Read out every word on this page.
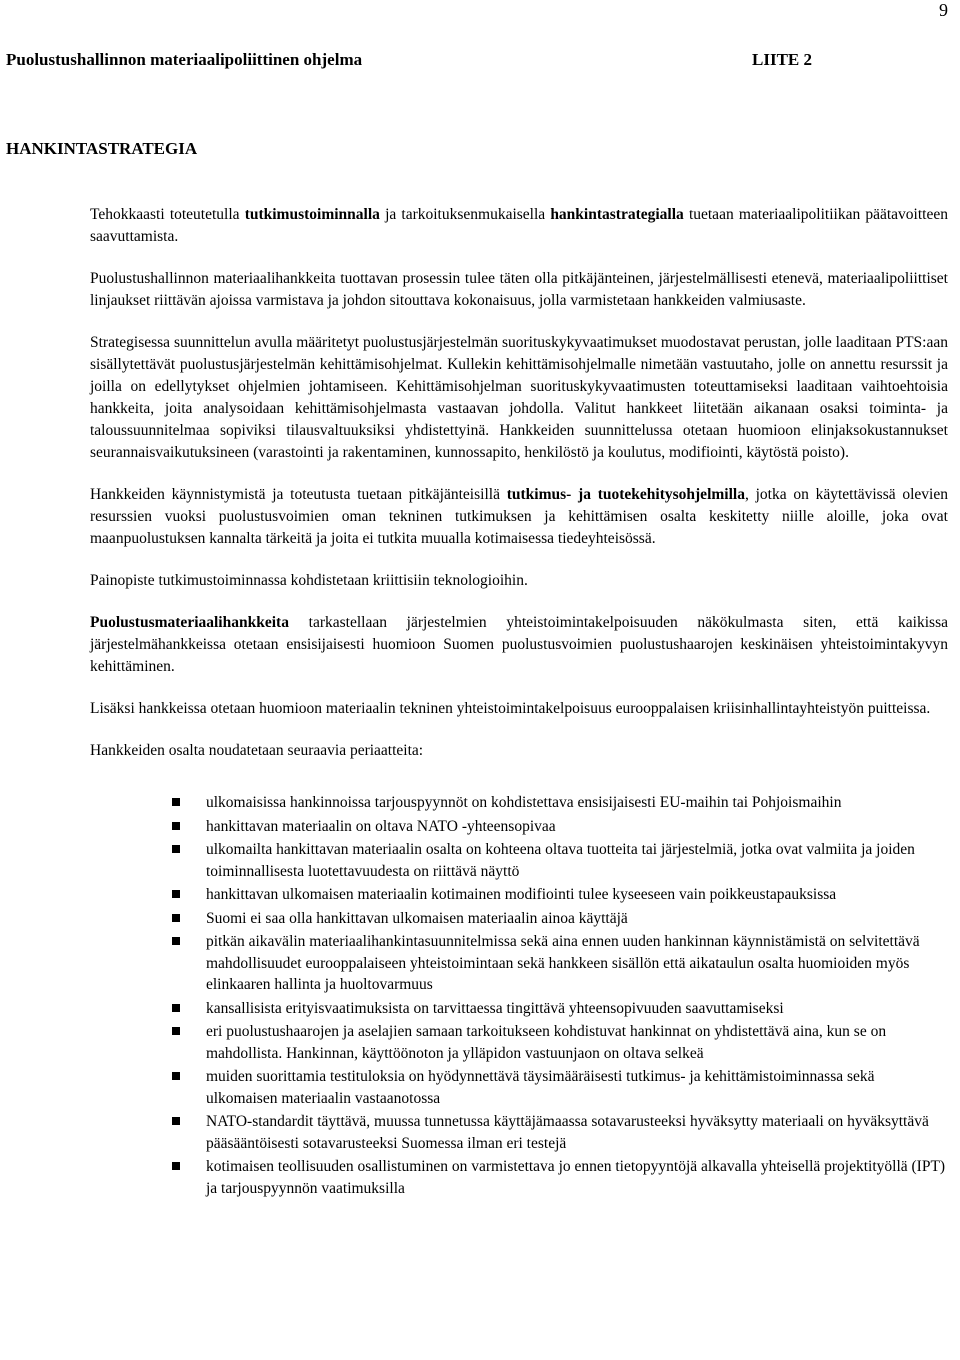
9
Puolustushallinnon materiaalipoliittinen ohjelma	LIITE 2
HANKINTASTRATEGIA

Tehokkaasti toteutetulla tutkimustoiminnalla ja tarkoituksenmukaisella hankintastrategialla tuetaan materiaalipolitiikan päätavoitteen saavuttamista.

Puolustushallinnon materiaalihankkeita tuottavan prosessin tulee täten olla pitkäjänteinen, järjestelmällisesti etenevä, materiaalipoliittiset linjaukset riittävän ajoissa varmistava ja johdon sitouttava kokonaisuus, jolla varmistetaan hankkeiden valmiusaste.

Strategisessa suunnittelun avulla määritetyt puolustusjärjestelmän suorituskykyvaatimukset muodostavat perustan, jolle laaditaan PTS:aan sisällytettävät puolustusjärjestelmän kehittämisohjelmat. Kullekin kehittämisohjelmalle nimetään vastuutaho, jolle on annettu resurssit ja joilla on edellytykset ohjelmien johtamiseen. Kehittämisohjelman suorituskykyvaatimusten toteuttamiseksi laaditaan vaihtoehtoisia hankkeita, joita analysoidaan kehittämisohjelmasta vastaavan johdolla. Valitut hankkeet liitetään aikanaan osaksi toiminta- ja taloussuunnitelmaa sopiviksi tilausvaltuuksiksi yhdistettyinä. Hankkeiden suunnittelussa otetaan huomioon elinjaksokustannukset seurannaisvaikutuksineen (varastointi ja rakentaminen, kunnossapito, henkilöstö ja koulutus, modifiointi, käytöstä poisto).

Hankkeiden käynnistymistä ja toteutusta tuetaan pitkäjänteisillä tutkimus- ja tuotekehitysohjelmilla, jotka on käytettävissä olevien resurssien vuoksi puolustusvoimien oman tekninen tutkimuksen ja kehittämisen osalta keskitetty niille aloille, joka ovat maanpuolustuksen kannalta tärkeitä ja joita ei tutkita muualla kotimaisessa tiedeyhteisössä.

Painopiste tutkimustoiminnassa kohdistetaan kriittisiin teknologioihin.

Puolustusmateriaalihankkeita tarkastellaan järjestelmien yhteistoimintakelpoisuuden näkökulmasta siten, että kaikissa järjestelmähankkeissa otetaan ensisijaisesti huomioon Suomen puolustusvoimien puolustushaarojen keskinäisen yhteistoimintakyvyn kehittäminen.

Lisäksi hankkeissa otetaan huomioon materiaalin tekninen yhteistoimintakelpoisuus eurooppalaisen kriisinhallintayhteistyön puitteissa.

Hankkeiden osalta noudatetaan seuraavia periaatteita:

ulkomaisissa hankinnoissa tarjouspyynnöt on kohdistettava ensisijaisesti EU-maihin tai Pohjoismaihin
hankittavan materiaalin on oltava NATO -yhteensopivaa
ulkomailta hankittavan materiaalin osalta on kohteena oltava tuotteita tai järjestelmiä, jotka ovat valmiita ja joiden toiminnallisesta luotettavuudesta on riittävä näyttö
hankittavan ulkomaisen materiaalin kotimainen modifiointi tulee kyseeseen vain poikkeustapauksissa
Suomi ei saa olla hankittavan ulkomaisen materiaalin ainoa käyttäjä
pitkän aikavälin materiaalihankintasuunnitelmissa sekä aina ennen uuden hankinnan käynnistämistä on selvitettävä mahdollisuudet eurooppalaiseen yhteistoimintaan sekä hankkeen sisällön että aikataulun osalta huomioiden myös elinkaaren hallinta ja huoltovarmuus
kansallisista erityisvaatimuksista on tarvittaessa tingittävä yhteensopivuuden saavuttamiseksi
eri puolustushaarojen ja aselajien samaan tarkoitukseen kohdistuvat hankinnat on yhdistettävä aina, kun se on mahdollista. Hankinnan, käyttöönoton ja ylläpidon vastuunjaon on oltava selkeä
muiden suorittamia testituloksia on hyödynnettävä täysimääräisesti tutkimus- ja kehittämistoiminnassa sekä ulkomaisen materiaalin vastaanotossa
NATO-standardit täyttävä, muussa tunnetussa käyttäjämaassa sotavarusteeksi hyväksytty materiaali on hyväksyttävä pääsääntöisesti sotavarusteeksi Suomessa ilman eri testejä
kotimaisen teollisuuden osallistuminen on varmistettava jo ennen tietopyyntöjä alkavalla yhteisellä projektityöllä (IPT) ja tarjouspyynnön vaatimuksilla
